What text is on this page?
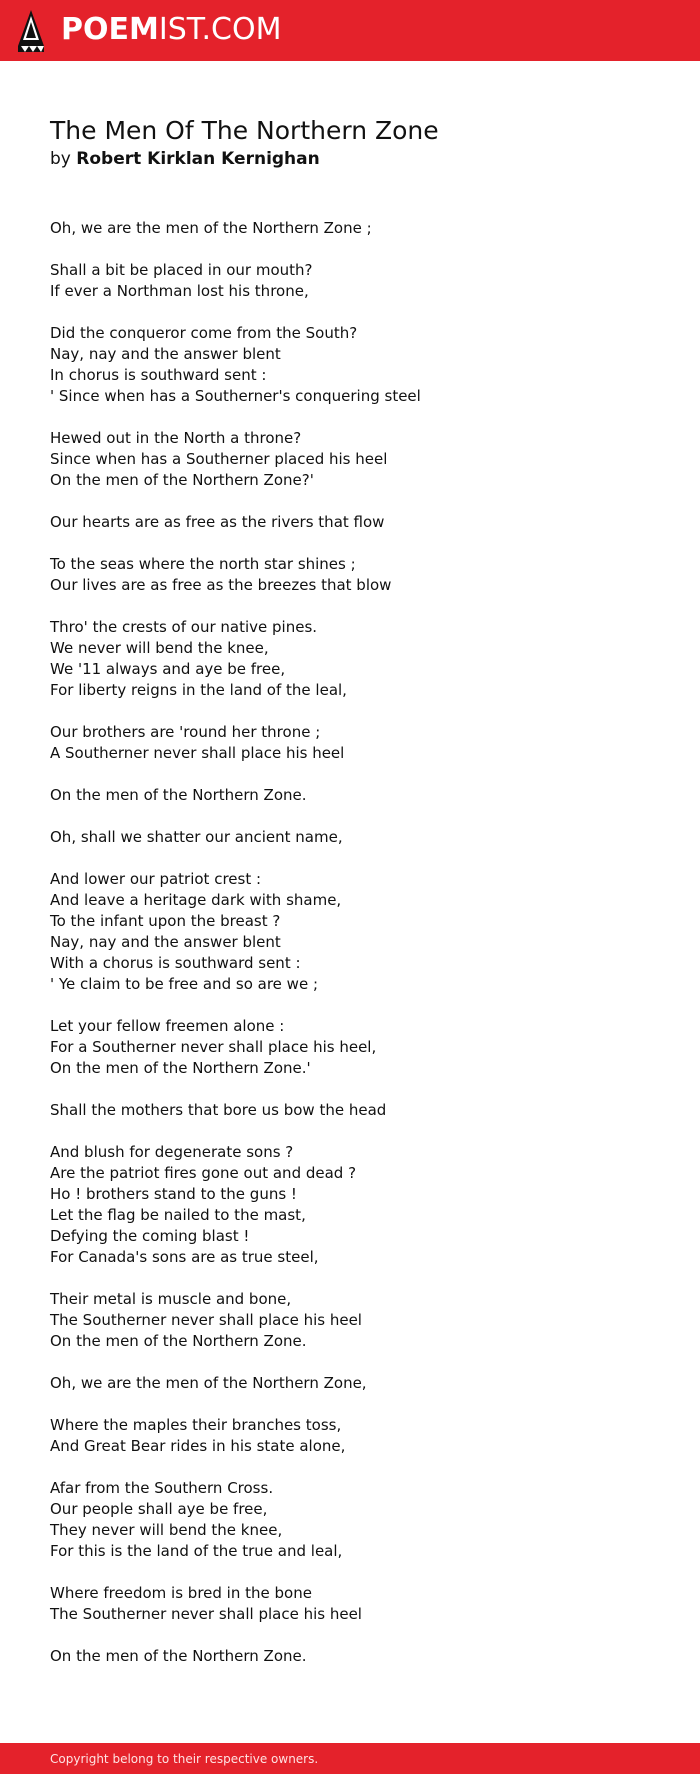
POEMIST.COM
The Men Of The Northern Zone
by Robert Kirklan Kernighan
Oh, we are the men of the Northern Zone ;
Shall a bit be placed in our mouth?
If ever a Northman lost his throne,
Did the conqueror come from the South?
Nay, nay and the answer blent
In chorus is southward sent :
' Since when has a Southerner's conquering steel
Hewed out in the North a throne?
Since when has a Southerner placed his heel
On the men of the Northern Zone?'
Our hearts are as free as the rivers that flow
To the seas where the north star shines ;
Our lives are as free as the breezes that blow
Thro' the crests of our native pines.
We never will bend the knee,
We '11 always and aye be free,
For liberty reigns in the land of the leal,
Our brothers are 'round her throne ;
A Southerner never shall place his heel
On the men of the Northern Zone.
Oh, shall we shatter our ancient name,
And lower our patriot crest :
And leave a heritage dark with shame,
To the infant upon the breast ?
Nay, nay and the answer blent
With a chorus is southward sent :
' Ye claim to be free and so are we ;
Let your fellow freemen alone :
For a Southerner never shall place his heel,
On the men of the Northern Zone.'
Shall the mothers that bore us bow the head
And blush for degenerate sons ?
Are the patriot fires gone out and dead ?
Ho ! brothers stand to the guns !
Let the flag be nailed to the mast,
Defying the coming blast !
For Canada's sons are as true steel,
Their metal is muscle and bone,
The Southerner never shall place his heel
On the men of the Northern Zone.
Oh, we are the men of the Northern Zone,
Where the maples their branches toss,
And Great Bear rides in his state alone,
Afar from the Southern Cross.
Our people shall aye be free,
They never will bend the knee,
For this is the land of the true and leal,
Where freedom is bred in the bone
The Southerner never shall place his heel
On the men of the Northern Zone.
Copyright belong to their respective owners.
